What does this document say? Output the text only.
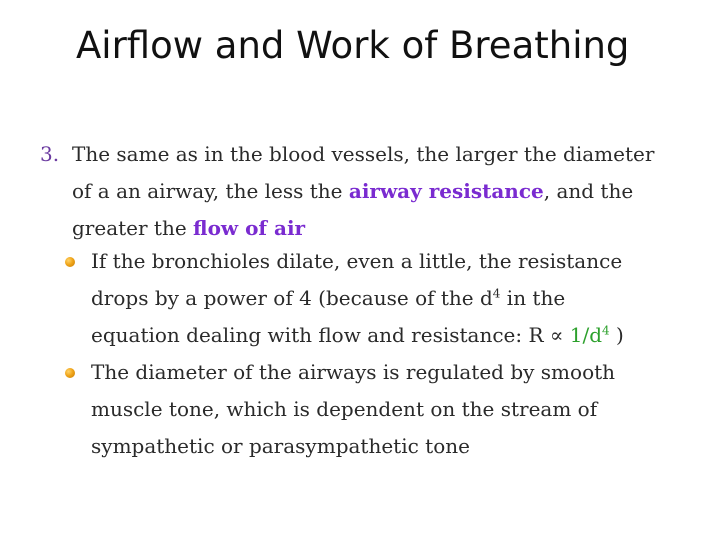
Airflow and Work of Breathing
3. The same as in the blood vessels, the larger the diameter
of a an airway, the less the airway resistance, and the
greater the flow of air
If the bronchioles dilate, even a little, the resistance
drops by a power of 4 (because of the $d^4$ in the
equation dealing with flow and resistance: $R \propto 1/d^4$ )
The diameter of the airways is regulated by smooth
muscle tone, which is dependent on the stream of
sympathetic or parasympathetic tone
